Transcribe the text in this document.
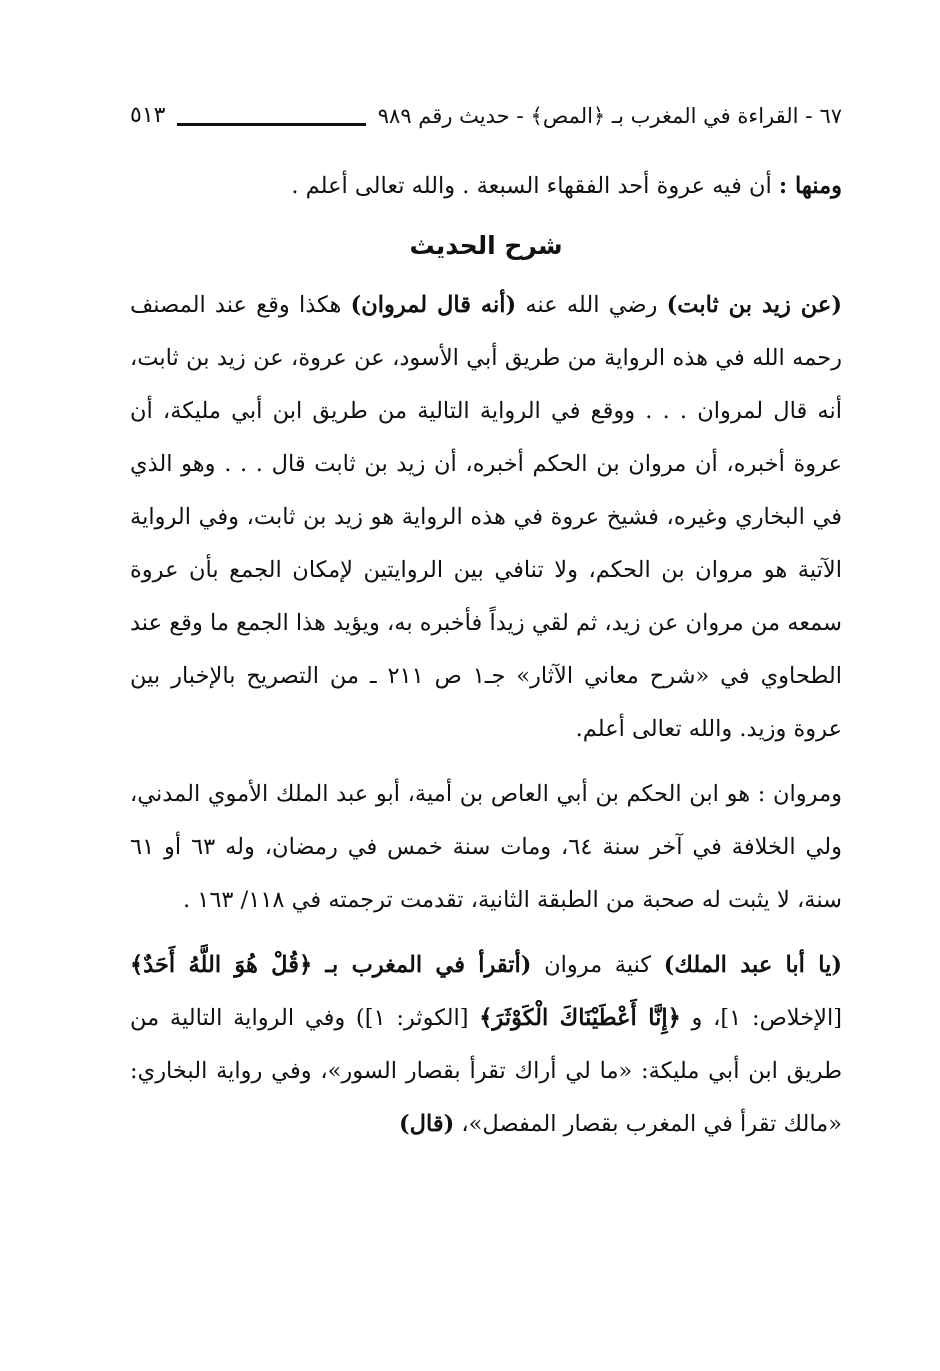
٦٧ - القراءة في المغرب بـ ﴿المص﴾ - حديث رقم ٩٨٩
٥١٣

ومنها : أن فيه عروة أحد الفقهاء السبعة . والله تعالى أعلم .

شرح الحديث

(عن زيد بن ثابت) رضي الله عنه (أنه قال لمروان) هكذا وقع عند المصنف رحمه الله في هذه الرواية من طريق أبي الأسود، عن عروة، عن زيد بن ثابت، أنه قال لمروان . . . ووقع في الرواية التالية من طريق ابن أبي مليكة، أن عروة أخبره، أن مروان بن الحكم أخبره، أن زيد بن ثابت قال . . . وهو الذي في البخاري وغيره، فشيخ عروة في هذه الرواية هو زيد بن ثابت، وفي الرواية الآتية هو مروان بن الحكم، ولا تنافي بين الروايتين لإمكان الجمع بأن عروة سمعه من مروان عن زيد، ثم لقي زيداً فأخبره به، ويؤيد هذا الجمع ما وقع عند الطحاوي في «شرح معاني الآثار» جـ١ ص ٢١١ ـ من التصريح بالإخبار بين عروة وزيد. والله تعالى أعلم.

ومروان : هو ابن الحكم بن أبي العاص بن أمية، أبو عبد الملك الأموي المدني، ولي الخلافة في آخر سنة ٦٤، ومات سنة خمس في رمضان، وله ٦٣ أو ٦١ سنة، لا يثبت له صحبة من الطبقة الثانية، تقدمت ترجمته في ١١٨/ ١٦٣ .

(يا أبا عبد الملك) كنية مروان (أتقرأ في المغرب بـ ﴿قُلْ هُوَ اللَّهُ أَحَدٌ﴾ [الإخلاص: ١]، و ﴿إِنَّا أَعْطَيْنَاكَ الْكَوْثَرَ﴾ [الكوثر: ١]) وفي الرواية التالية من طريق ابن أبي مليكة: «ما لي أراك تقرأ بقصار السور»، وفي رواية البخاري: «مالك تقرأ في المغرب بقصار المفصل»، (قال)
